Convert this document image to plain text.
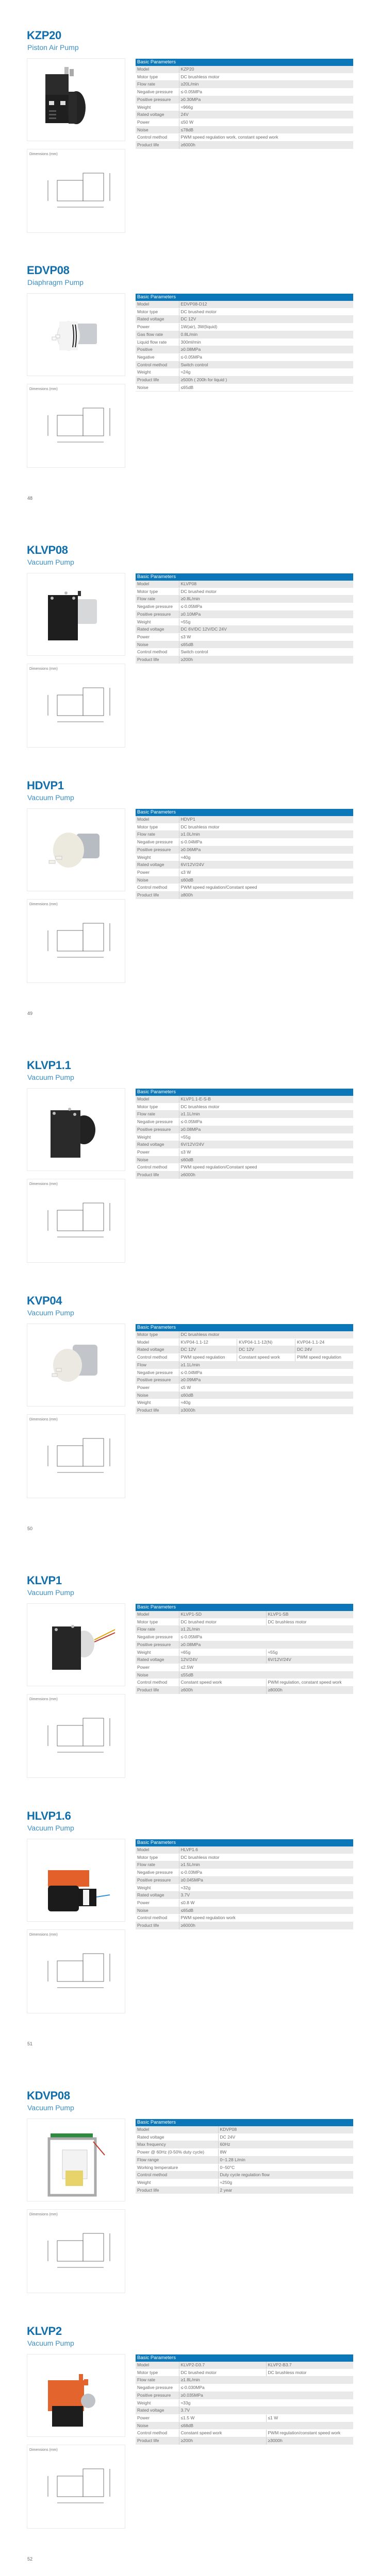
KZP20
Piston Air Pump
Dimensions (mm)
Basic Parameters	
Model	KZP20
Motor type	DC brushless motor
Flow rate	≥20L/min
Negative pressure	≤-0.05MPa
Positive pressure	≥0.30MPa
Weight	≈966g
Rated voltage	24V
Power	≤50 W
Noise	≤78dB
Control method	PWM speed regulation work, constant speed work
Product life	≥6000h
EDVP08
Diaphragm Pump
Dimensions (mm)
Basic Parameters	
Model	EDVP08-D12
Motor type	DC brushed motor
Rated voltage	DC 12V
Power	1W(air), 3W(liquid)
Gas flow rate	0.8L/min
Liquid flow rate	300ml/min
Positive	≥0.08MPa
Negative	≤-0.05MPa
Control method	Switch control
Weight	≈24g
Product life	≥500h ( 200h for liquid )
Noise	≤65dB
KLVP08
Vacuum Pump
Dimensions (mm)
Basic Parameters	
Model	KLVP08
Motor type	DC brushed motor
Flow rate	≥0.8L/min
Negative pressure	≤-0.05MPa
Positive pressure	≥0.10MPa
Weight	≈55g
Rated voltage	DC 6V/DC 12V/DC 24V
Power	≤3 W
Noise	≤65dB
Control method	Switch control
Product life	≥200h
HDVP1
Vacuum Pump
Dimensions (mm)
Basic Parameters	
Model	HDVP1
Motor type	DC brushless motor
Flow rate	≥1.0L/min
Negative pressure	≤-0.04MPa
Positive pressure	≥0.06MPa
Weight	≈40g
Rated voltage	6V/12V/24V
Power	≤3 W
Noise	≤60dB
Control method	PWM speed regulation/Constant speed
Product life	≥800h
KLVP1.1
Vacuum Pump
Dimensions (mm)
Basic Parameters	
Model	KLVP1.1-E-S-B
Motor type	DC brushless motor
Flow rate	≥1.1L/min
Negative pressure	≤-0.05MPa
Positive pressure	≥0.08MPa
Weight	≈55g
Rated voltage	6V/12V/24V
Power	≤3 W
Noise	≤60dB
Control method	PWM speed regulation/Constant speed
Product life	≥6000h
KVP04
Vacuum Pump
Dimensions (mm)
Basic Parameters			
Motor type	DC brushless motor		
Model	KVP04-1.1-12	KVP04-1.1-12(N)	KVP04-1.1-24
Rated voltage	DC 12V	DC 12V	DC 24V
Control method	PWM speed regulation	Constant speed work	PWM speed regulation
Flow	≥1.1L/min		
Negative pressure	≤-0.04MPa		
Positive pressure	≥0.09MPa		
Power	≤5 W		
Noise	≤60dB		
Weight	≈40g		
Product life	≥3000h		
KLVP1
Vacuum Pump
Dimensions (mm)
Basic Parameters		
Model	KLVP1-SD	KLVP1-SB
Motor type	DC brushed motor	DC brushless motor
Flow rate	≥1.2L/min	
Negative pressure	≤-0.05MPa	
Positive pressure	≥0.08MPa	
Weight	≈65g	≈55g
Rated voltage	12V/24V	6V/12V/24V
Power	≤2.5W	
Noise	≤55dB	
Control method	Constant speed work	PWM regulation, constant speed work
Product life	≥600h	≥8000h
HLVP1.6
Vacuum Pump
Dimensions (mm)
Basic Parameters	
Model	HLVP1.6
Motor type	DC brushless motor
Flow rate	≥1.5L/min
Negative pressure	≤-0.03MPa
Positive pressure	≥0.045MPa
Weight	≈32g
Rated voltage	3.7V
Power	≤0.8 W
Noise	≤65dB
Control method	PWM speed regulation work
Product life	≥6000h
KDVP08
Vacuum Pump
Dimensions (mm)
Basic Parameters	
Model	KDVP08
Rated voltage	DC 24V
Max frequency	60Hz
Power @ 60Hz (0-50% duty cycle)	8W
Flow range	0~1.28 L/min
Working temperature	0~50°C
Control method	Duty cycle regulation flow
Weight	≈250g
Product life	2 year
KLVP2
Vacuum Pump
Dimensions (mm)
Basic Parameters		
Model	KLVP2-D3.7	KLVP2-B3.7
Motor type	DC brushed motor	DC brushless motor
Flow rate	≥1.8L/min	
Negative pressure	≤-0.030MPa	
Positive pressure	≥0.035MPa	
Weight	≈33g	
Rated voltage	3.7V	
Power	≤1.5 W	≤1 W
Noise	≤68dB	
Control method	Constant speed work	PWM regulation/constant speed work
Product life	≥200h	≥3000h
48
49
50
51
52
